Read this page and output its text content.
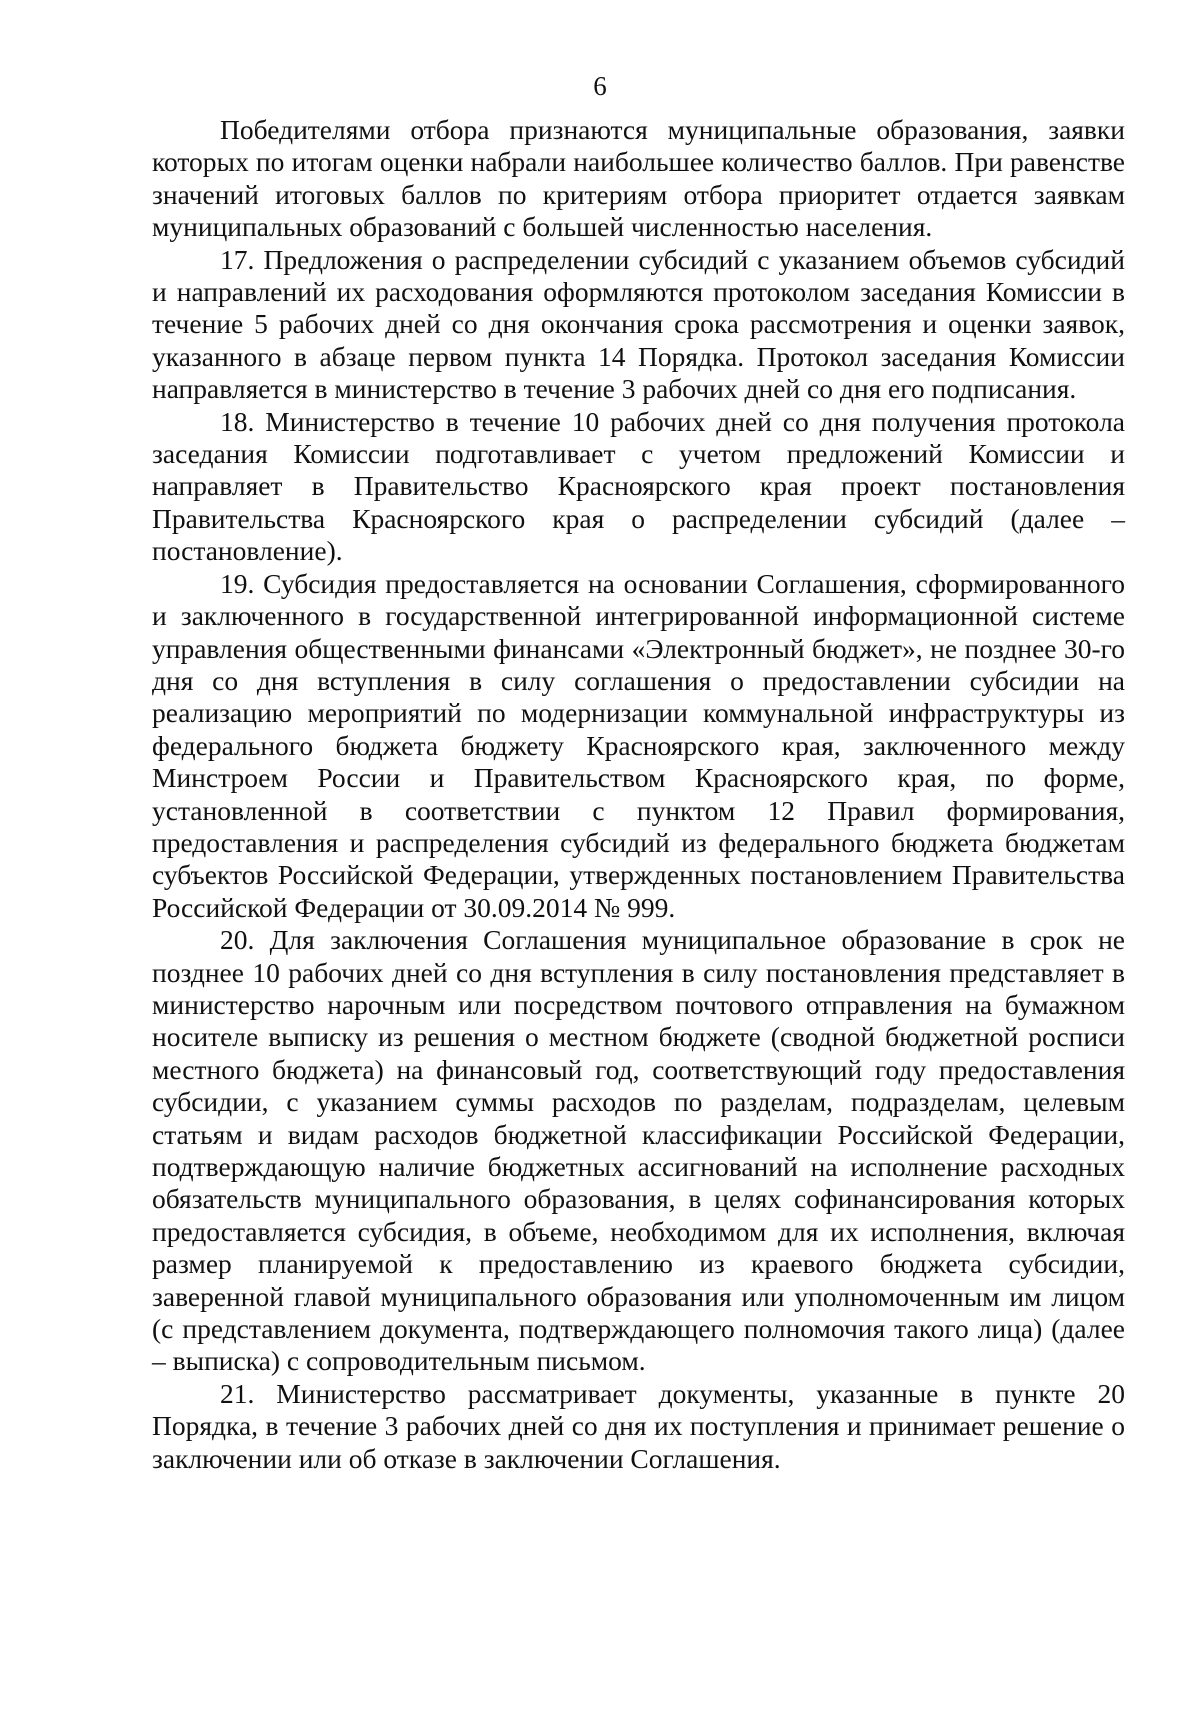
6

Победителями отбора признаются муниципальные образования, заявки которых по итогам оценки набрали наибольшее количество баллов. При равенстве значений итоговых баллов по критериям отбора приоритет отдается заявкам муниципальных образований с большей численностью населения.

17. Предложения о распределении субсидий с указанием объемов субсидий и направлений их расходования оформляются протоколом заседания Комиссии в течение 5 рабочих дней со дня окончания срока рассмотрения и оценки заявок, указанного в абзаце первом пункта 14 Порядка. Протокол заседания Комиссии направляется в министерство в течение 3 рабочих дней со дня его подписания.

18. Министерство в течение 10 рабочих дней со дня получения протокола заседания Комиссии подготавливает с учетом предложений Комиссии и направляет в Правительство Красноярского края проект постановления Правительства Красноярского края о распределении субсидий (далее – постановление).

19. Субсидия предоставляется на основании Соглашения, сформированного и заключенного в государственной интегрированной информационной системе управления общественными финансами «Электронный бюджет», не позднее 30-го дня со дня вступления в силу соглашения о предоставлении субсидии на реализацию мероприятий по модернизации коммунальной инфраструктуры из федерального бюджета бюджету Красноярского края, заключенного между Минстроем России и Правительством Красноярского края, по форме, установленной в соответствии с пунктом 12 Правил формирования, предоставления и распределения субсидий из федерального бюджета бюджетам субъектов Российской Федерации, утвержденных постановлением Правительства Российской Федерации от 30.09.2014 № 999.

20. Для заключения Соглашения муниципальное образование в срок не позднее 10 рабочих дней со дня вступления в силу постановления представляет в министерство нарочным или посредством почтового отправления на бумажном носителе выписку из решения о местном бюджете (сводной бюджетной росписи местного бюджета) на финансовый год, соответствующий году предоставления субсидии, с указанием суммы расходов по разделам, подразделам, целевым статьям и видам расходов бюджетной классификации Российской Федерации, подтверждающую наличие бюджетных ассигнований на исполнение расходных обязательств муниципального образования, в целях софинансирования которых предоставляется субсидия, в объеме, необходимом для их исполнения, включая размер планируемой к предоставлению из краевого бюджета субсидии, заверенной главой муниципального образования или уполномоченным им лицом (с представлением документа, подтверждающего полномочия такого лица) (далее – выписка) с сопроводительным письмом.

21. Министерство рассматривает документы, указанные в пункте 20 Порядка, в течение 3 рабочих дней со дня их поступления и принимает решение о заключении или об отказе в заключении Соглашения.
